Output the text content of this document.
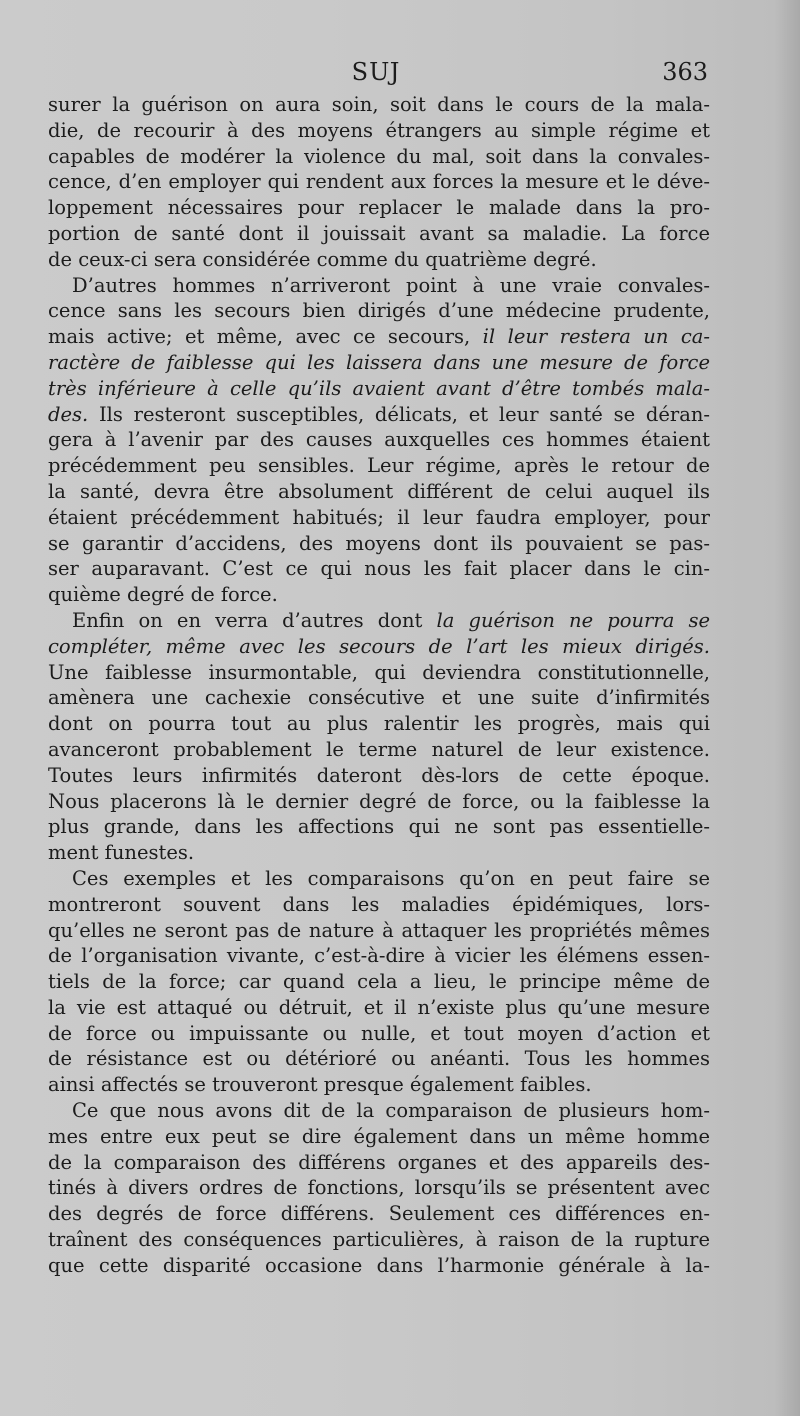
SUJ	363
surer la guérison on aura soin, soit dans le cours de la mala-
die, de recourir à des moyens étrangers au simple régime et
capables de modérer la violence du mal, soit dans la convales-
cence, d’en employer qui rendent aux forces la mesure et le déve-
loppement nécessaires pour replacer le malade dans la pro-
portion de santé dont il jouissait avant sa maladie. La force
de ceux-ci sera considérée comme du quatrième degré.
D’autres hommes n’arriveront point à une vraie convales-
cence sans les secours bien dirigés d’une médecine prudente,
mais active; et même, avec ce secours, il leur restera un ca-
ractère de faiblesse qui les laissera dans une mesure de force
très inférieure à celle qu’ils avaient avant d’être tombés mala-
des. Ils resteront susceptibles, délicats, et leur santé se déran-
gera à l’avenir par des causes auxquelles ces hommes étaient
précédemment peu sensibles. Leur régime, après le retour de
la santé, devra être absolument différent de celui auquel ils
étaient précédemment habitués; il leur faudra employer, pour
se garantir d’accidens, des moyens dont ils pouvaient se pas-
ser auparavant. C’est ce qui nous les fait placer dans le cin-
quième degré de force.
Enfin on en verra d’autres dont la guérison ne pourra se
compléter, même avec les secours de l’art les mieux dirigés.
Une faiblesse insurmontable, qui deviendra constitutionnelle,
amènera une cachexie consécutive et une suite d’infirmités
dont on pourra tout au plus ralentir les progrès, mais qui
avanceront probablement le terme naturel de leur existence.
Toutes leurs infirmités dateront dès-lors de cette époque.
Nous placerons là le dernier degré de force, ou la faiblesse la
plus grande, dans les affections qui ne sont pas essentielle-
ment funestes.
Ces exemples et les comparaisons qu’on en peut faire se
montreront souvent dans les maladies épidémiques, lors-
qu’elles ne seront pas de nature à attaquer les propriétés mêmes
de l’organisation vivante, c’est-à-dire à vicier les élémens essen-
tiels de la force; car quand cela a lieu, le principe même de
la vie est attaqué ou détruit, et il n’existe plus qu’une mesure
de force ou impuissante ou nulle, et tout moyen d’action et
de résistance est ou détérioré ou anéanti. Tous les hommes
ainsi affectés se trouveront presque également faibles.
Ce que nous avons dit de la comparaison de plusieurs hom-
mes entre eux peut se dire également dans un même homme
de la comparaison des différens organes et des appareils des-
tinés à divers ordres de fonctions, lorsqu’ils se présentent avec
des degrés de force différens. Seulement ces différences en-
traînent des conséquences particulières, à raison de la rupture
que cette disparité occasione dans l’harmonie générale à la-
